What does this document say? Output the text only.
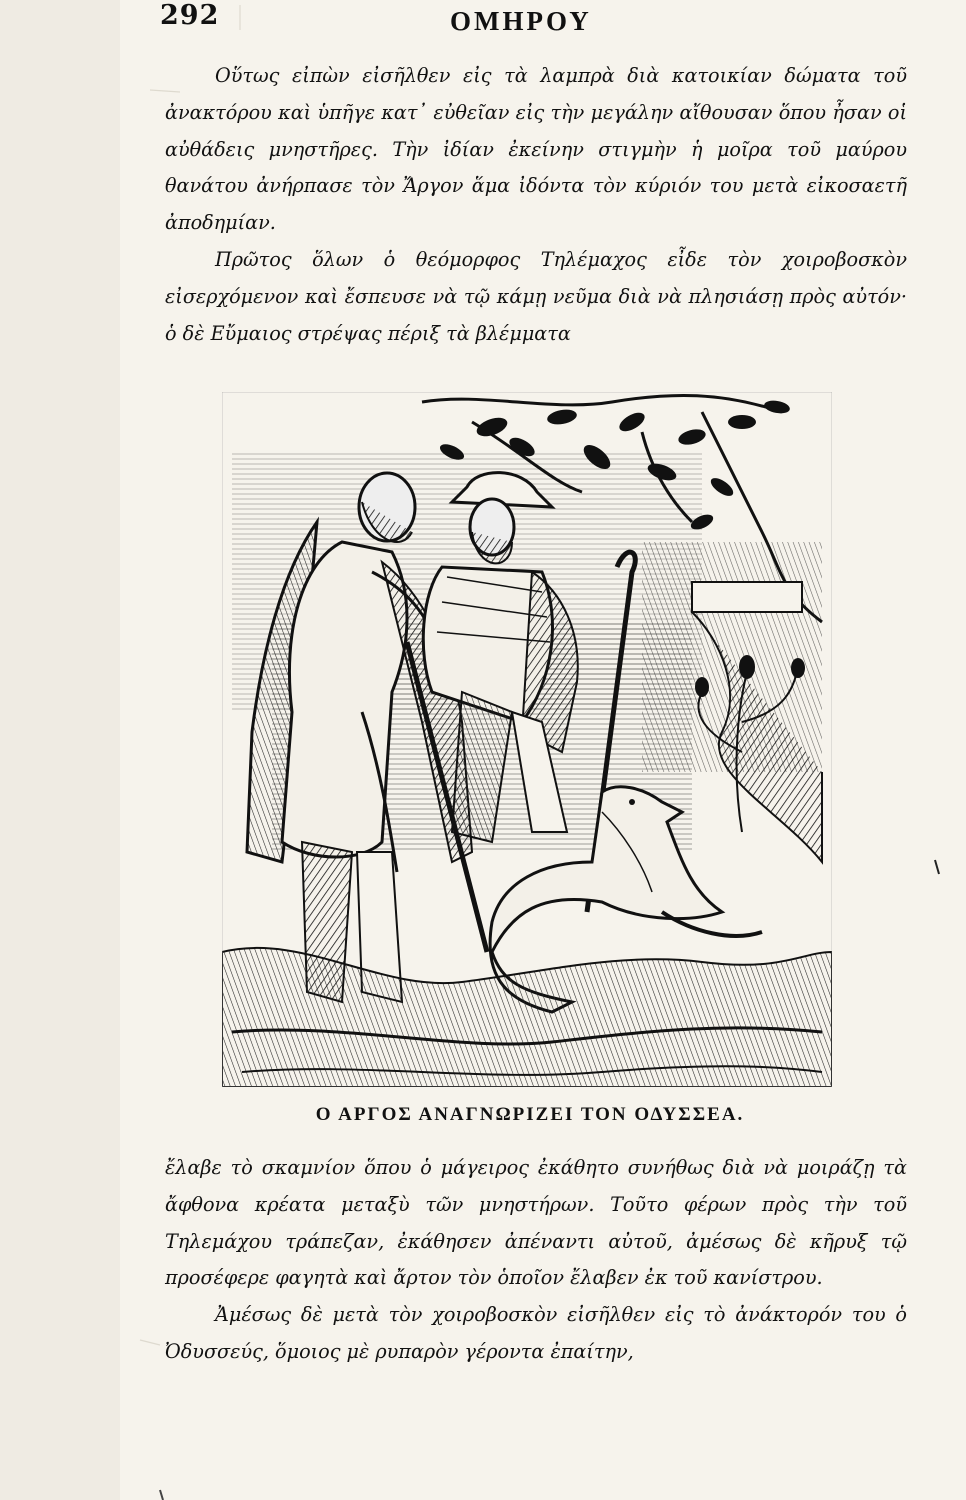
292	ΟΜΗΡΟΥ

Οὕτως εἰπὼν εἰσῆλθεν εἰς τὰ λαμπρὰ διὰ κατοικίαν δώματα τοῦ ἀνακτόρου καὶ ὑπῆγε κατ᾽ εὐθεῖαν εἰς τὴν μεγάλην αἴθουσαν ὅπου ἦσαν οἱ αὐθάδεις μνηστῆρες. Τὴν ἰδίαν ἐκείνην στιγμὴν ἡ μοῖρα τοῦ μαύρου θανάτου ἀνήρπασε τὸν Ἄργον ἅμα ἰδόντα τὸν κύριόν του μετὰ εἰκοσαετῆ ἀποδημίαν.

Πρῶτος ὅλων ὁ θεόμορφος Τηλέμαχος εἶδε τὸν χοιροβοσκὸν εἰσερχόμενον καὶ ἔσπευσε νὰ τῷ κάμῃ νεῦμα διὰ νὰ πλησιάσῃ πρὸς αὐτόν· ὁ δὲ Εὔμαιος στρέψας πέριξ τὰ βλέμματα

Ο ΑΡΓΟΣ ΑΝΑΓΝΩΡΙΖΕΙ ΤΟΝ ΟΔΥΣΣΕΑ.

ἔλαβε τὸ σκαμνίον ὅπου ὁ μάγειρος ἐκάθητο συνήθως διὰ νὰ μοιράζῃ τὰ ἄφθονα κρέατα μεταξὺ τῶν μνηστήρων. Τοῦτο φέρων πρὸς τὴν τοῦ Τηλεμάχου τράπεζαν, ἐκάθησεν ἀπέναντι αὐτοῦ, ἀμέσως δὲ κῆρυξ τῷ προσέφερε φαγητὰ καὶ ἄρτον τὸν ὁποῖον ἔλαβεν ἐκ τοῦ κανίστρου.

Ἀμέσως δὲ μετὰ τὸν χοιροβοσκὸν εἰσῆλθεν εἰς τὸ ἀνάκτορόν του ὁ Ὀδυσσεύς, ὅμοιος μὲ ρυπαρὸν γέροντα ἐπαίτην,
